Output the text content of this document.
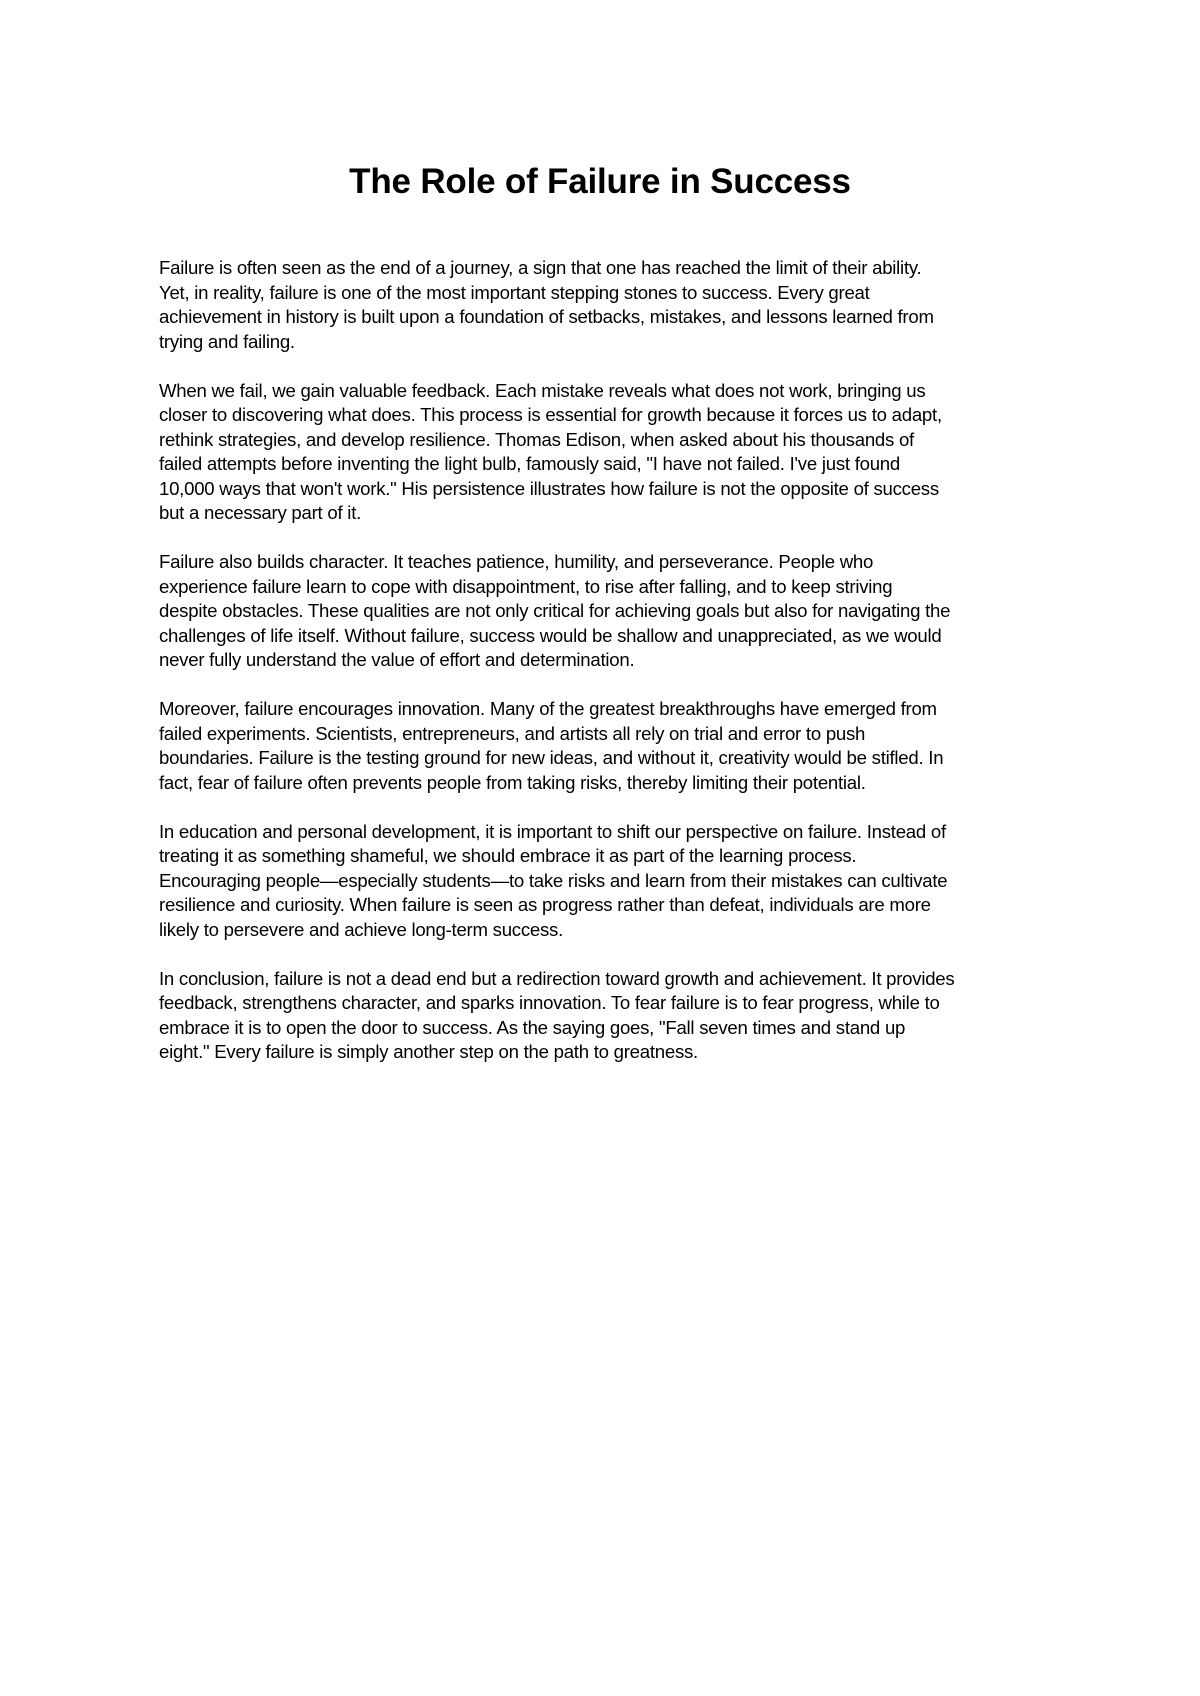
The Role of Failure in Success

Failure is often seen as the end of a journey, a sign that one has reached the limit of their ability.
Yet, in reality, failure is one of the most important stepping stones to success. Every great
achievement in history is built upon a foundation of setbacks, mistakes, and lessons learned from
trying and failing.

When we fail, we gain valuable feedback. Each mistake reveals what does not work, bringing us
closer to discovering what does. This process is essential for growth because it forces us to adapt,
rethink strategies, and develop resilience. Thomas Edison, when asked about his thousands of
failed attempts before inventing the light bulb, famously said, "I have not failed. I've just found
10,000 ways that won't work." His persistence illustrates how failure is not the opposite of success
but a necessary part of it.

Failure also builds character. It teaches patience, humility, and perseverance. People who
experience failure learn to cope with disappointment, to rise after falling, and to keep striving
despite obstacles. These qualities are not only critical for achieving goals but also for navigating the
challenges of life itself. Without failure, success would be shallow and unappreciated, as we would
never fully understand the value of effort and determination.

Moreover, failure encourages innovation. Many of the greatest breakthroughs have emerged from
failed experiments. Scientists, entrepreneurs, and artists all rely on trial and error to push
boundaries. Failure is the testing ground for new ideas, and without it, creativity would be stifled. In
fact, fear of failure often prevents people from taking risks, thereby limiting their potential.

In education and personal development, it is important to shift our perspective on failure. Instead of
treating it as something shameful, we should embrace it as part of the learning process.
Encouraging people—especially students—to take risks and learn from their mistakes can cultivate
resilience and curiosity. When failure is seen as progress rather than defeat, individuals are more
likely to persevere and achieve long-term success.

In conclusion, failure is not a dead end but a redirection toward growth and achievement. It provides
feedback, strengthens character, and sparks innovation. To fear failure is to fear progress, while to
embrace it is to open the door to success. As the saying goes, "Fall seven times and stand up
eight." Every failure is simply another step on the path to greatness.
